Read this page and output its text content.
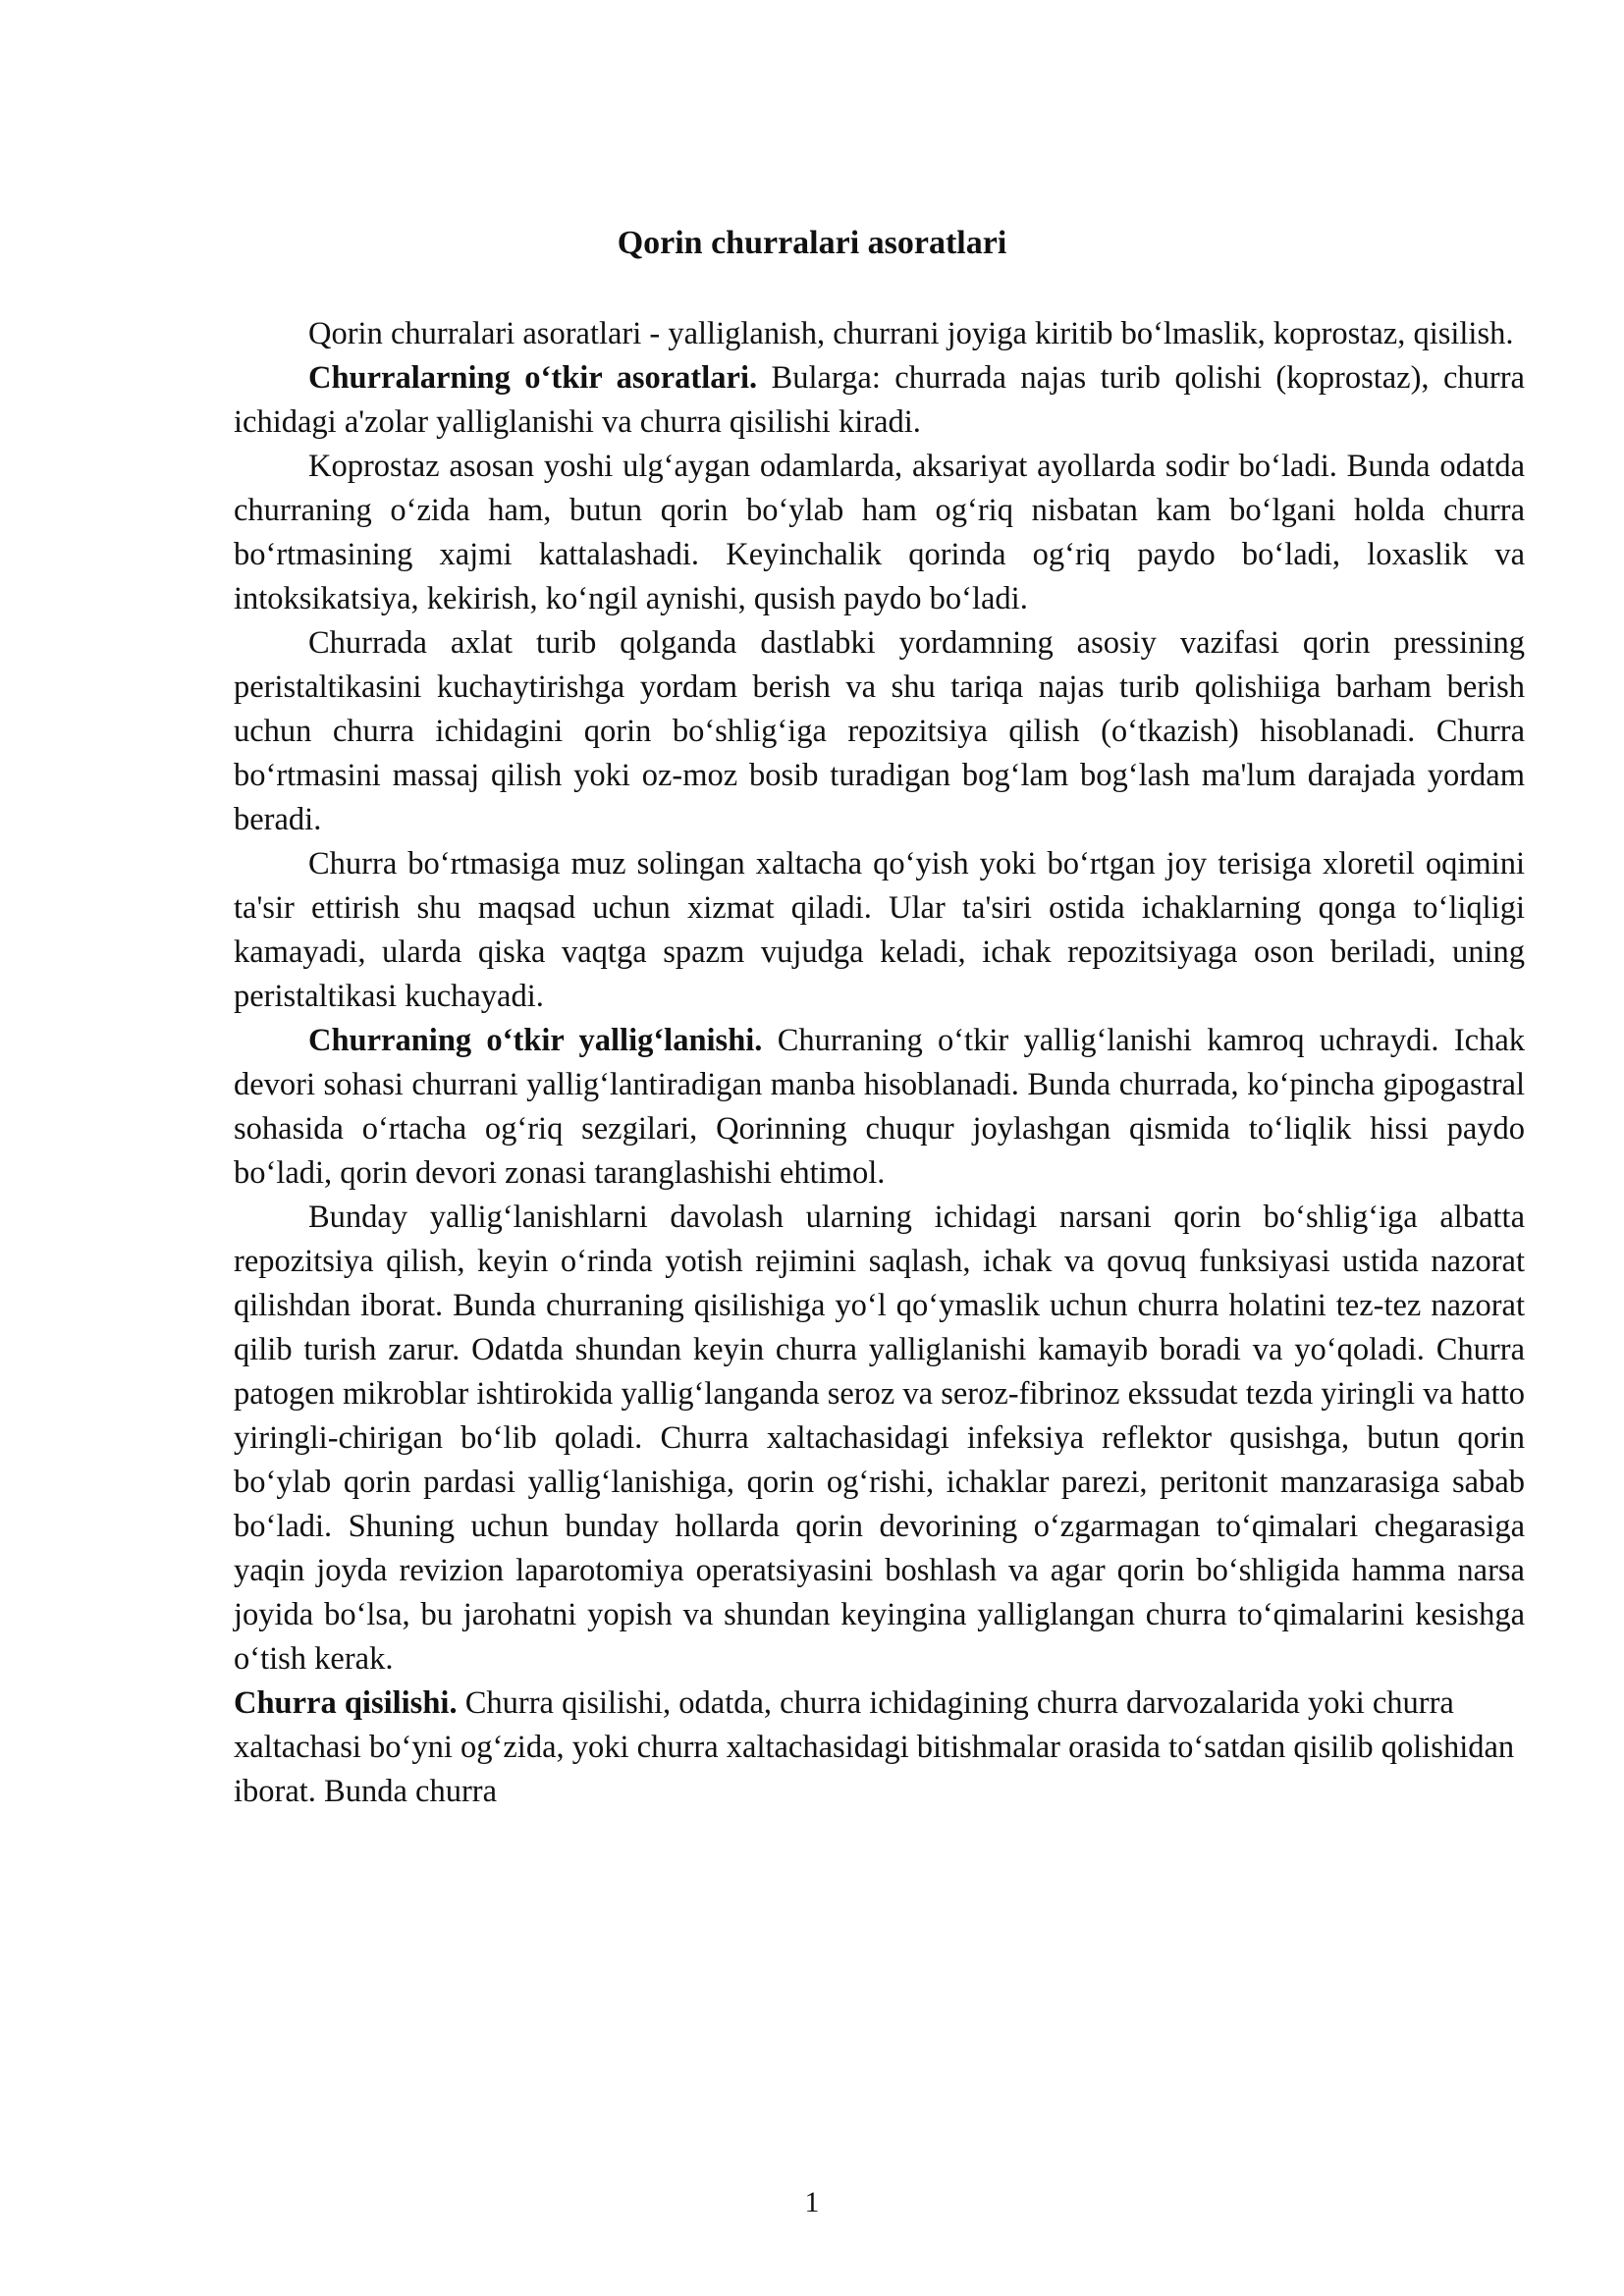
Qorin churralari asoratlari

Qorin churralari asoratlari - yalliglanish, churrani joyiga kiritib bo‘lmaslik, koprostaz, qisilish.

Churralarning o‘tkir asoratlari. Bularga: churrada najas turib qolishi (koprostaz), churra ichidagi a'zolar yalliglanishi va churra qisilishi kiradi.

Koprostaz asosan yoshi ulg‘aygan odamlarda, aksariyat ayollarda sodir bo‘ladi. Bunda odatda churraning o‘zida ham, butun qorin bo‘ylab ham og‘riq nisbatan kam bo‘lgani holda churra bo‘rtmasining xajmi kattalashadi. Keyinchalik qorinda og‘riq paydo bo‘ladi, loxaslik va intoksikatsiya, kekirish, ko‘ngil aynishi, qusish paydo bo‘ladi.

Churrada axlat turib qolganda dastlabki yordamning asosiy vazifasi qorin pressining peristaltikasini kuchaytirishga yordam berish va shu tariqa najas turib qolishiiga barham berish uchun churra ichidagini qorin bo‘shlig‘iga repozitsiya qilish (o‘tkazish) hisoblanadi. Churra bo‘rtmasini massaj qilish yoki oz-moz bosib turadigan bog‘lam bog‘lash ma'lum darajada yordam beradi.

Churra bo‘rtmasiga muz solingan xaltacha qo‘yish yoki bo‘rtgan joy terisiga xloretil oqimini ta'sir ettirish shu maqsad uchun xizmat qiladi. Ular ta'siri ostida ichaklarning qonga to‘liqligi kamayadi, ularda qiska vaqtga spazm vujudga keladi, ichak repozitsiyaga oson beriladi, uning peristaltikasi kuchayadi.

Churraning o‘tkir yallig‘lanishi. Churraning o‘tkir yallig‘lanishi kamroq uchraydi. Ichak devori sohasi churrani yallig‘lantiradigan manba hisoblanadi. Bunda churrada, ko‘pincha gipogastral sohasida o‘rtacha og‘riq sezgilari, Qorinning chuqur joylashgan qismida to‘liqlik hissi paydo bo‘ladi, qorin devori zonasi taranglashishi ehtimol.

Bunday yallig‘lanishlarni davolash ularning ichidagi narsani qorin bo‘shlig‘iga albatta repozitsiya qilish, keyin o‘rinda yotish rejimini saqlash, ichak va qovuq funksiyasi ustida nazorat qilishdan iborat. Bunda churraning qisilishiga yo‘l qo‘ymaslik uchun churra holatini tez-tez nazorat qilib turish zarur. Odatda shundan keyin churra yalliglanishi kamayib boradi va yo‘qoladi. Churra patogen mikroblar ishtirokida yallig‘langanda seroz va seroz-fibrinoz ekssudat tezda yiringli va hatto yiringli-chirigan bo‘lib qoladi. Churra xaltachasidagi infeksiya reflektor qusishga, butun qorin bo‘ylab qorin pardasi yallig‘lanishiga, qorin og‘rishi, ichaklar parezi, peritonit manzarasiga sabab bo‘ladi. Shuning uchun bunday hollarda qorin devorining o‘zgarmagan to‘qimalari chegarasiga yaqin joyda revizion laparotomiya operatsiyasini boshlash va agar qorin bo‘shligida hamma narsa joyida bo‘lsa, bu jarohatni yopish va shundan keyingina yalliglangan churra to‘qimalarini kesishga o‘tish kerak.

Churra qisilishi. Churra qisilishi, odatda, churra ichidagining churra darvozalarida yoki churra xaltachasi bo‘yni og‘zida, yoki churra xaltachasidagi bitishmalar orasida to‘satdan qisilib qolishidan iborat. Bunda churra

1
